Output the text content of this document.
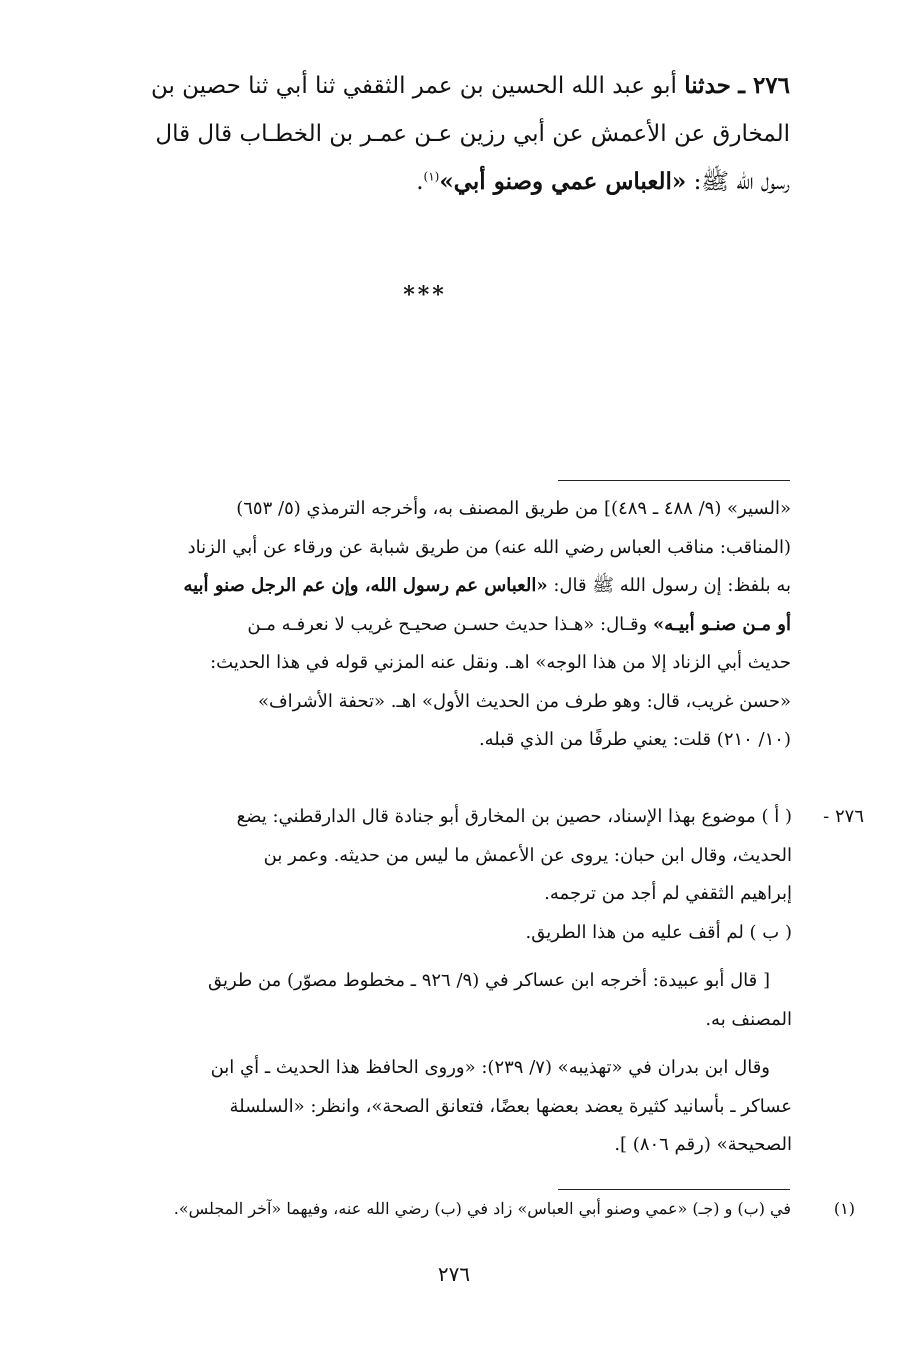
٢٧٦ ـ حدثنا أبو عبد الله الحسين بن عمر الثقفي ثنا أبي ثنا حصين بن
المخارق عن الأعمش عن أبي رزين عـن عمـر بن الخطـاب قال قال
رسول الله ﷺ: «العباس عمي وصنو أبي»$^{(١)}$.
***
«السير» (٩/ ٤٨٨ ـ ٤٨٩)] من طريق المصنف به، وأخرجه الترمذي (٥/ ٦٥٣)
(المناقب: مناقب العباس رضي الله عنه) من طريق شبابة عن ورقاء عن أبي الزناد
به بلفظ: إن رسول الله ﷺ قال: «العباس عم رسول الله، وإن عم الرجل صنو أبيه
أو مـن صنـو أبيـه» وقـال: «هـذا حديث حسـن صحيـح غريب لا نعرفـه مـن
حديث أبي الزناد إلا من هذا الوجه» اهـ. ونقل عنه المزني قوله في هذا الحديث:
«حسن غريب، قال: وهو طرف من الحديث الأول» اهـ. «تحفة الأشراف»
(١٠/ ٢١٠) قلت: يعني طرفًا من الذي قبله.
٢٧٦ -
( أ ) موضوع بهذا الإسناد، حصين بن المخارق أبو جنادة قال الدارقطني: يضع
الحديث، وقال ابن حبان: يروى عن الأعمش ما ليس من حديثه. وعمر بن
إبراهيم الثقفي لم أجد من ترجمه.
( ب ) لم أقف عليه من هذا الطريق.
[ قال أبو عبيدة: أخرجه ابن عساكر في (٩/ ٩٢٦ ـ مخطوط مصوّر) من طريق
المصنف به.
وقال ابن بدران في «تهذيبه» (٧/ ٢٣٩): «وروى الحافظ هذا الحديث ـ أي ابن
عساكر ـ بأسانيد كثيرة يعضد بعضها بعضًا، فتعانق الصحة»، وانظر: «السلسلة
الصحيحة» (رقم ٨٠٦) ].
(١)
في (ب) و (جـ) «عمي وصنو أبي العباس» زاد في (ب) رضي الله عنه، وفيهما «آخر المجلس».
٢٧٦
